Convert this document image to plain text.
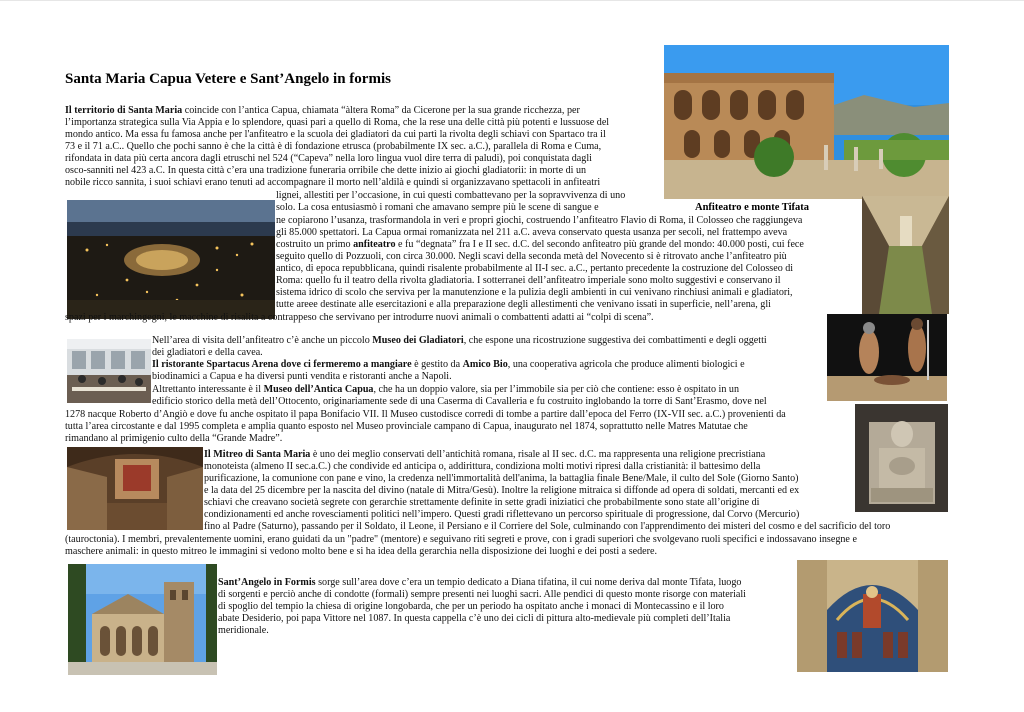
Santa Maria Capua Vetere e Sant’Angelo in formis
Il territorio di Santa Maria coincide con l’antica Capua, chiamata “àltera Roma” da Cicerone per la sua grande ricchezza, per
l’importanza strategica sulla Via Appia e lo splendore, quasi pari a quello di Roma, che la rese una delle città più potenti e lussuose del
mondo antico. Ma essa fu famosa anche per l'anfiteatro e la scuola dei gladiatori da cui partì la rivolta degli schiavi con Spartaco tra il
73 e il 71 a.C.. Quello che pochi sanno è che la città è di fondazione etrusca (probabilmente IX sec. a.C.), parallela di Roma e Cuma,
rifondata in data più certa ancora dagli etruschi nel 524 (“Capeva” nella loro lingua vuol dire terra di paludi), poi conquistata dagli
osco-sanniti nel 423 a.C. In questa città c’era una tradizione funeraria orribile che dette inizio ai giochi gladiatorii: in morte di un
nobile ricco sannita, i suoi schiavi erano tenuti ad accompagnare il morto nell’aldilà e quindi si organizzavano spettacoli in anfiteatri
lignei, allestiti per l’occasione, in cui questi combattevano per la sopravvivenza di uno
solo. La cosa entusiasmò i romani che amavano sempre più le scene di sangue e	Anfiteatro e monte Tifata
ne copiarono l’usanza, trasformandola in veri e propri giochi, costruendo l’anfiteatro Flavio di Roma, il Colosseo che raggiungeva
gli 85.000 spettatori. La Capua ormai romanizzata nel 211 a.C. aveva conservato questa usanza per secoli, nel frattempo aveva
costruito un primo anfiteatro e fu “degnata” fra I e II sec. d.C. del secondo anfiteatro più grande del mondo: 40.000 posti, cui fece
seguito quello di Pozzuoli, con circa 30.000. Negli scavi della seconda metà del Novecento si è ritrovato anche l’anfiteatro più
antico, di epoca repubblicana, quindi risalente probabilmente al II-I sec. a.C., pertanto precedente la costruzione del Colosseo di
Roma: quello fu il teatro della rivolta gladiatoria. I sotterranei dell’anfiteatro imperiale sono molto suggestivi e conservano il
sistema idrico di scolo che serviva per la manutenzione e la pulizia degli ambienti in cui venivano rinchiusi animali e gladiatori,
tutte areee destinate alle esercitazioni e alla preparazione degli allestimenti che venivano issati in superficie, nell’arena, gli
spazi per i marchingegni, le macchine di risalita a contrappeso che servivano per introdurre nuovi animali o combattenti adatti ai “colpi di scena”.
Nell’area di visita dell’anfiteatro c’è anche un piccolo Museo dei Gladiatori, che espone una ricostruzione suggestiva dei combattimenti e degli oggetti
dei gladiatori e della cavea.
Il ristorante Spartacus Arena dove ci fermeremo a mangiare è gestito da Amico Bio, una cooperativa agricola che produce alimenti biologici e
biodinamici a Capua e ha diversi punti vendita e ristoranti anche a Napoli.
Altrettanto interessante è il Museo dell’Antica Capua, che ha un doppio valore, sia per l’immobile sia per ciò che contiene: esso è ospitato in un
edificio storico della metà dell’Ottocento, originariamente sede di una Caserma di Cavalleria e fu costruito inglobando la torre di Sant’Erasmo, dove nel
1278 nacque Roberto d’Angiò e dove fu anche ospitato il papa Bonifacio VII. Il Museo custodisce corredi di tombe a partire dall’epoca del Ferro (IX-VII sec. a.C.) provenienti da
tutta l’area circostante e dal 1995 completa e amplia quanto esposto nel Museo provinciale campano di Capua, inaugurato nel 1874, soprattutto nelle Matres Matutae che
rimandano al primigenio culto della “Grande Madre”.
Il Mitreo di Santa Maria è uno dei meglio conservati dell’antichità romana, risale al II sec. d.C. ma rappresenta una religione precristiana
monoteista (almeno II sec.a.C.) che condivide ed anticipa o, addirittura, condiziona molti motivi ripresi dalla cristianità: il battesimo della
purificazione, la comunione con pane e vino, la credenza nell'immortalità dell'anima, la battaglia finale Bene/Male, il culto del Sole (Giorno Santo)
e la data del 25 dicembre per la nascita del divino (natale di Mitra/Gesù). Inoltre la religione mitraica si diffonde ad opera di soldati, mercanti ed ex
schiavi che creavano società segrete con gerarchie strettamente definite in sette gradi iniziatici che probabilmente sono state all’origine di
condizionamenti ed anche rovesciamenti politici nell’impero. Questi gradi riflettevano un percorso spirituale di progressione, dal Corvo (Mercurio)
fino al Padre (Saturno), passando per il Soldato, il Leone, il Persiano e il Corriere del Sole, culminando con l'apprendimento dei misteri del cosmo e del sacrificio del toro
(tauroctonia). I membri, prevalentemente uomini, erano guidati da un "padre" (mentore) e seguivano riti segreti e prove, con i gradi superiori che svolgevano ruoli specifici e indossavano insegne e
maschere animali: in questo mitreo le immagini si vedono molto bene e si ha idea della gerarchia nella disposizione dei luoghi e dei posti a sedere.
Sant’Angelo in Formis sorge sull’area dove c’era un tempio dedicato a Diana tifatina, il cui nome deriva dal monte Tifata, luogo
di sorgenti e perciò anche di condotte (formali) sempre presenti nei luoghi sacri. Alle pendici di questo monte risorge con materiali
di spoglio del tempio la chiesa di origine longobarda, che per un periodo ha ospitato anche i monaci di Montecassino e il loro
abate Desiderio, poi papa Vittore nel 1087. In questa cappella c’è uno dei cicli di pittura alto-medievale più completi dell’Italia
meridionale.
